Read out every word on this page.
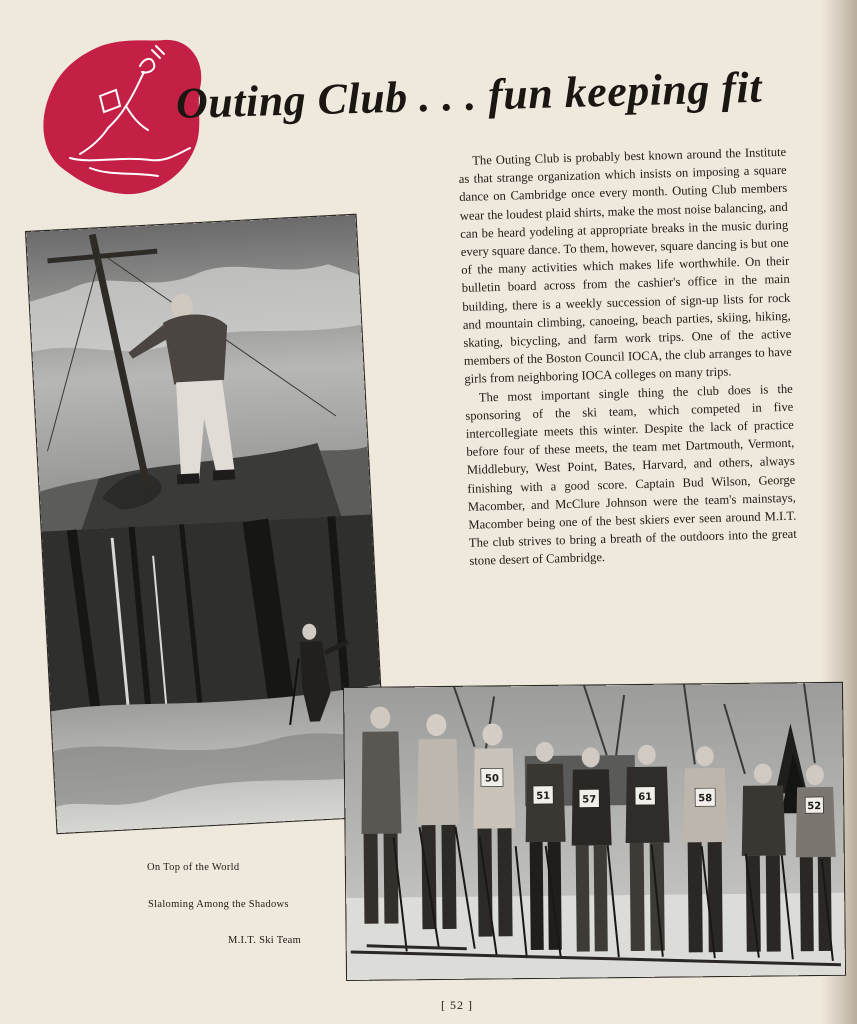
Outing Club . . . fun keeping fit

The Outing Club is probably best known around the Institute as that strange organization which insists on imposing a square dance on Cambridge once every month. Outing Club members wear the loudest plaid shirts, make the most noise balancing, and can be heard yodeling at appropriate breaks in the music during every square dance. To them, however, square dancing is but one of the many activities which makes life worthwhile. On their bulletin board across from the cashier's office in the main building, there is a weekly succession of sign-up lists for rock and mountain climbing, canoeing, beach parties, skiing, hiking, skating, bicycling, and farm work trips. One of the active members of the Boston Council IOCA, the club arranges to have girls from neighboring IOCA colleges on many trips.

The most important single thing the club does is the sponsoring of the ski team, which competed in five intercollegiate meets this winter. Despite the lack of practice before four of these meets, the team met Dartmouth, Vermont, Middlebury, West Point, Bates, Harvard, and others, always finishing with a good score. Captain Bud Wilson, George Macomber, and McClure Johnson were the team's mainstays, Macomber being one of the best skiers ever seen around M.I.T. The club strives to bring a breath of the outdoors into the great stone desert of Cambridge.

50
51	57	61	58
52
On Top of the World
Slaloming Among the Shadows
M.I.T. Ski Team
[ 52 ]
